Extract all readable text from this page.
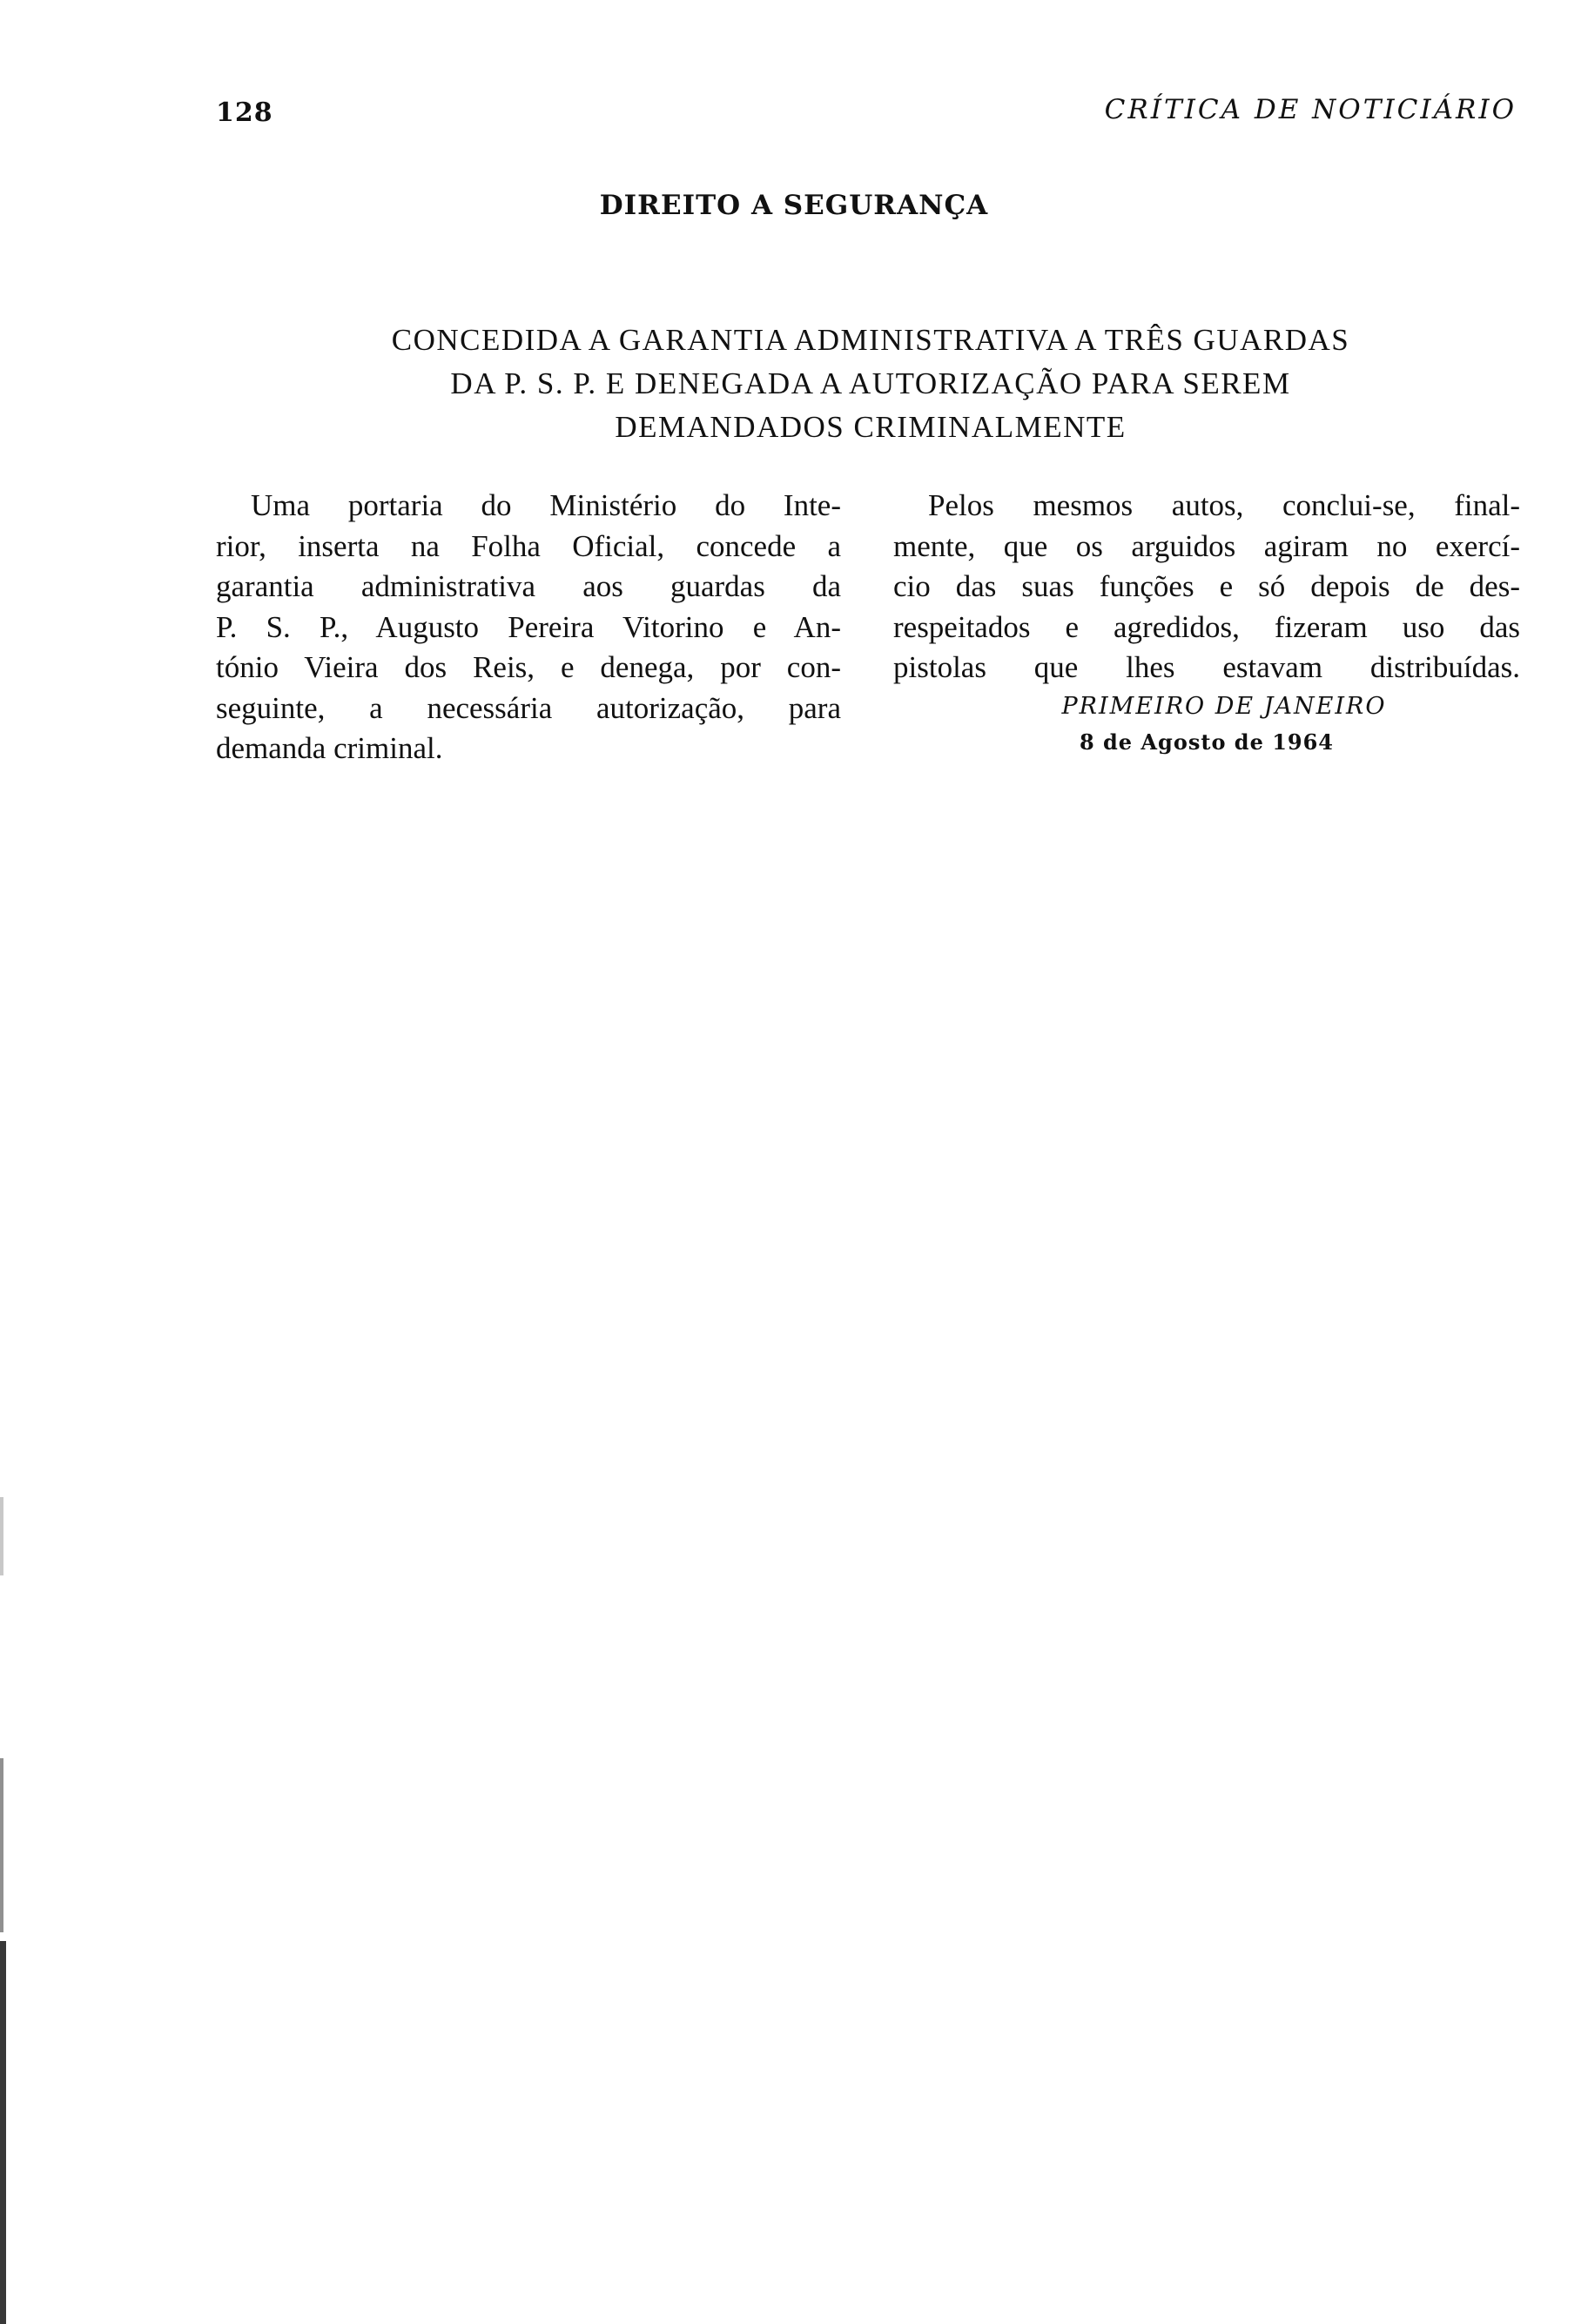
128	CRÍTICA DE NOTICIÁRIO
DIREITO A SEGURANÇA
CONCEDIDA A GARANTIA ADMINISTRATIVA A TRÊS GUARDAS
DA P. S. P. E DENEGADA A AUTORIZAÇÃO PARA SEREM
DEMANDADOS CRIMINALMENTE
Uma portaria do Ministério do Inte-
rior, inserta na Folha Oficial, concede a
garantia administrativa aos guardas da
P. S. P., Augusto Pereira Vitorino e An-
tónio Vieira dos Reis, e denega, por con-
seguinte, a necessária autorização, para
demanda criminal.
Pelos mesmos autos, conclui-se, final-
mente, que os arguidos agiram no exercí-
cio das suas funções e só depois de des-
respeitados e agredidos, fizeram uso das
pistolas que lhes estavam distribuídas.
PRIMEIRO DE JANEIRO
8 de Agosto de 1964
